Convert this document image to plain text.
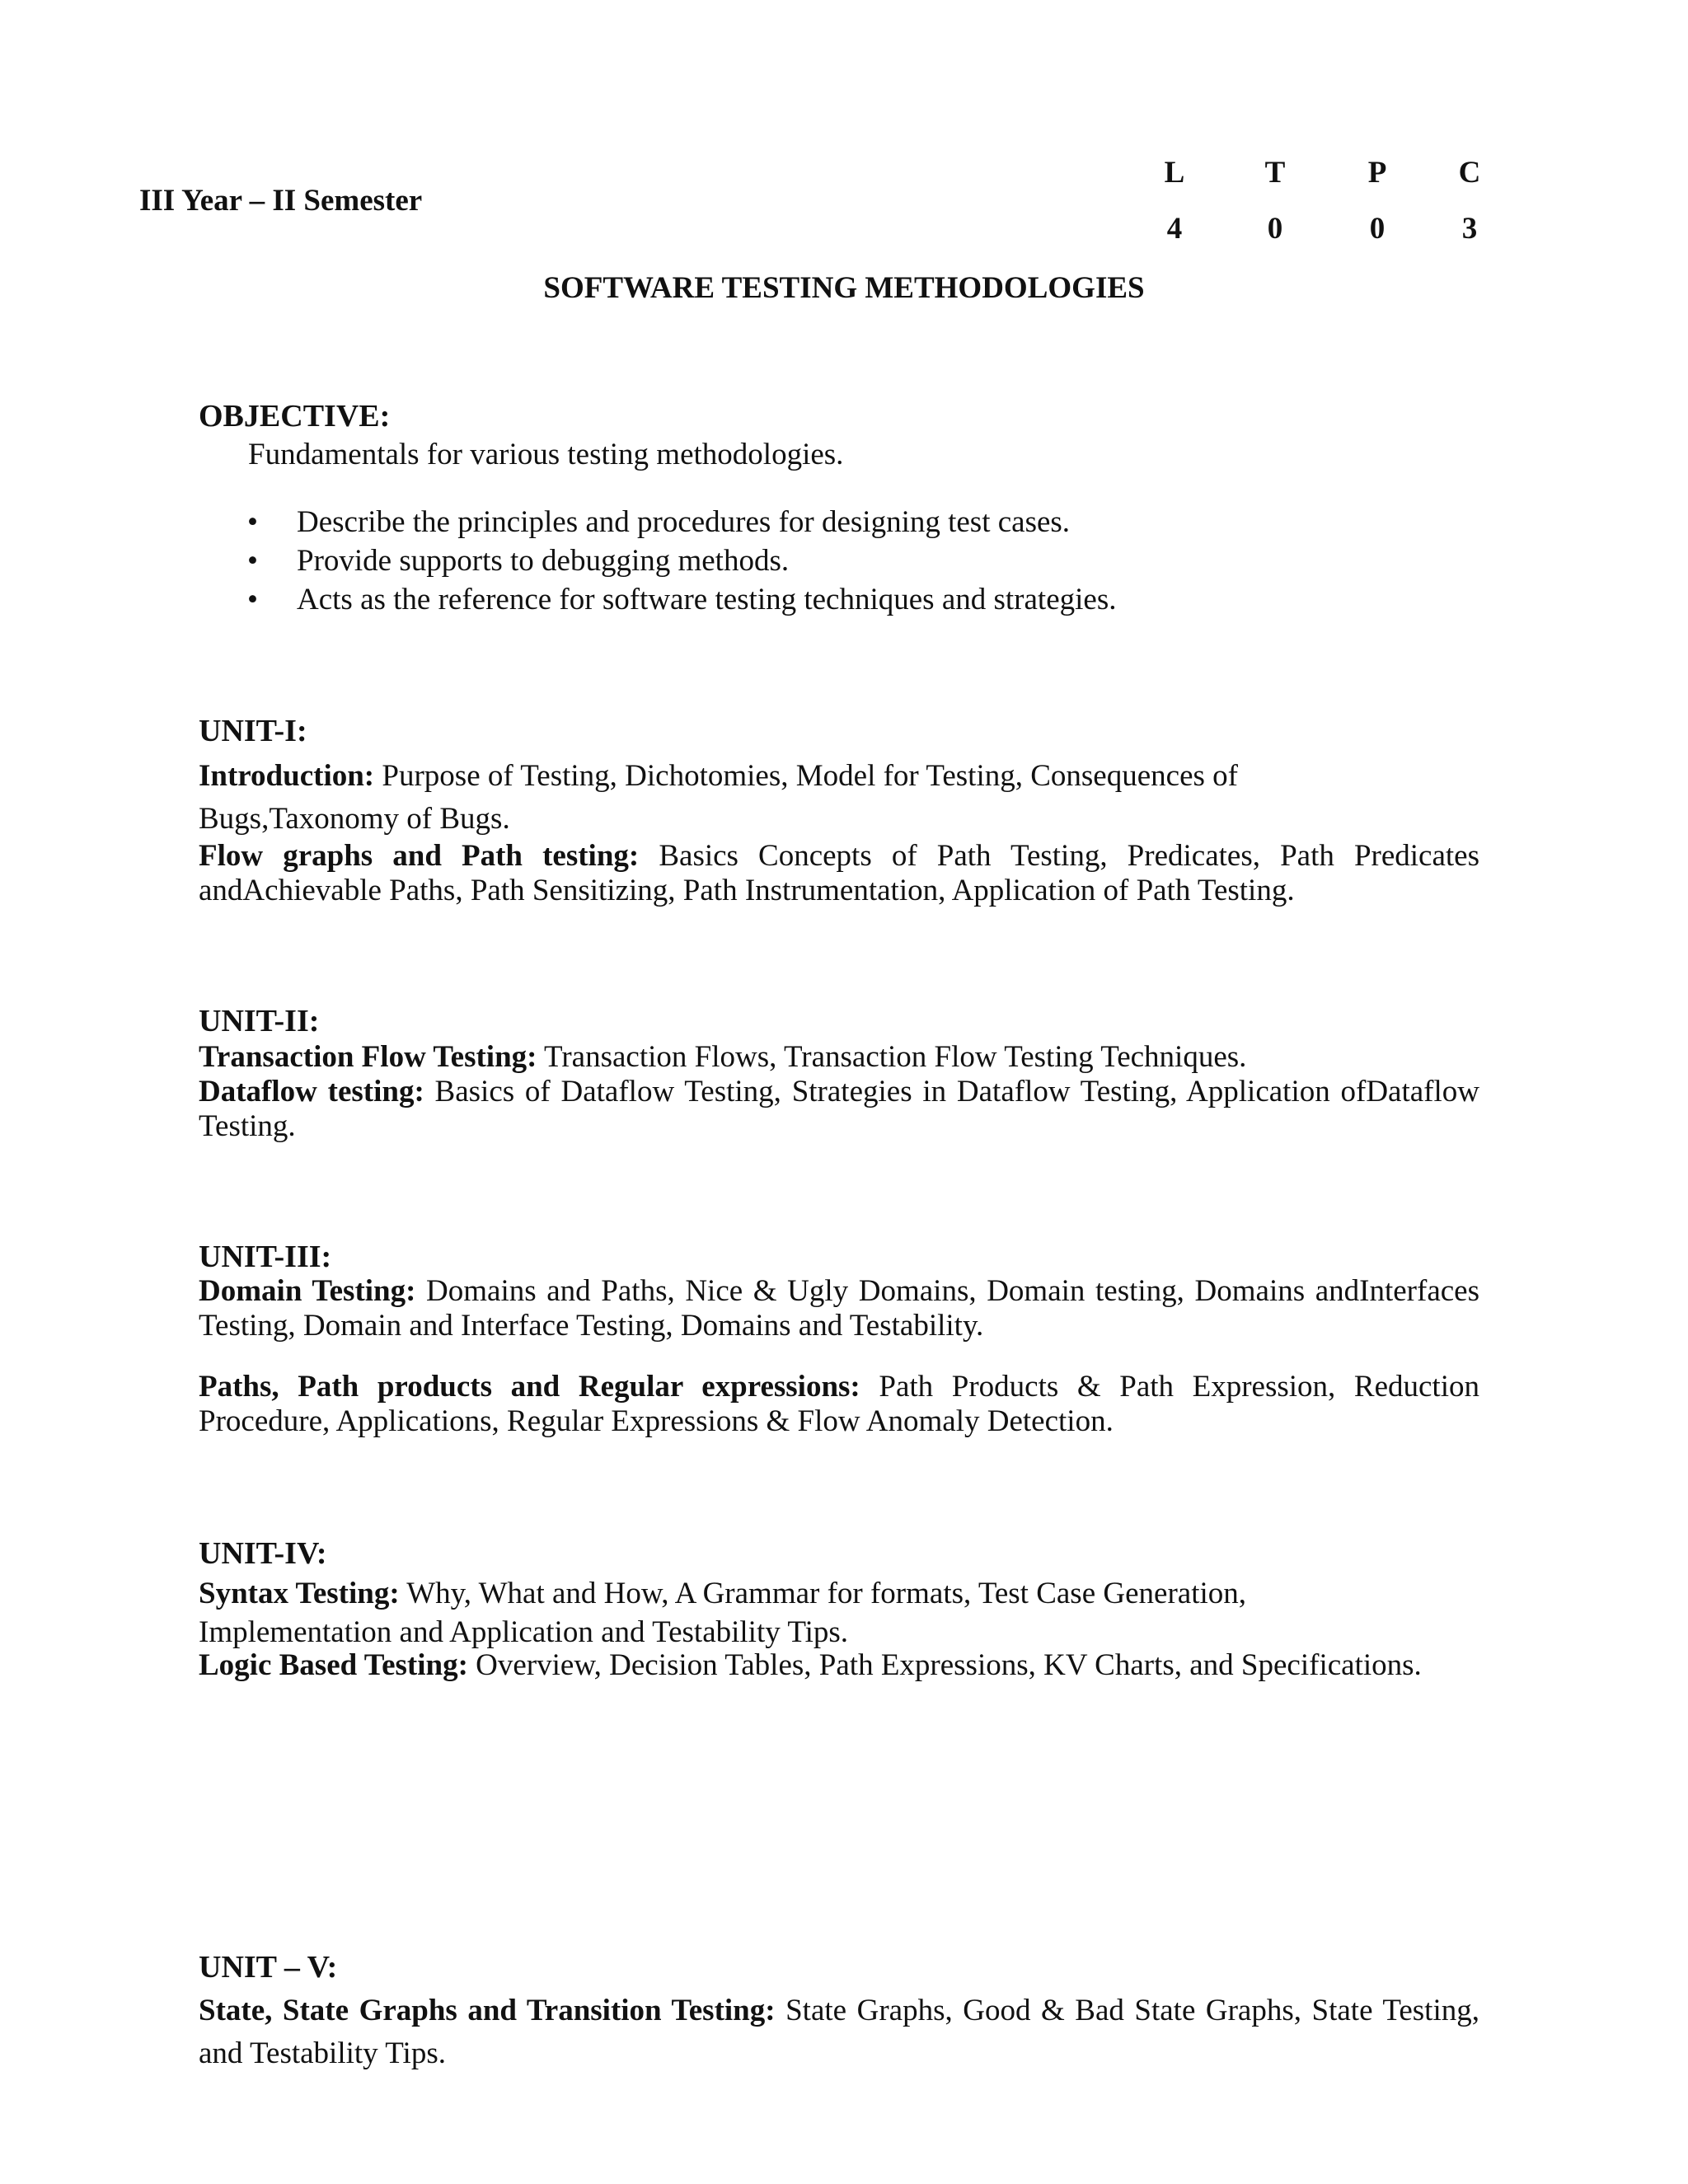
III Year – II Semester
L	T	P	C
4	0	0	3
SOFTWARE TESTING METHODOLOGIES
OBJECTIVE:
Fundamentals for various testing methodologies.
• Describe the principles and procedures for designing test cases.
• Provide supports to debugging methods.
• Acts as the reference for software testing techniques and strategies.
UNIT-I:
Introduction: Purpose of Testing, Dichotomies, Model for Testing, Consequences of
Bugs,Taxonomy of Bugs.
Flow graphs and Path testing: Basics Concepts of Path Testing, Predicates, Path Predicates andAchievable Paths, Path Sensitizing, Path Instrumentation, Application of Path Testing.
UNIT-II:
Transaction Flow Testing: Transaction Flows, Transaction Flow Testing Techniques.
Dataflow testing: Basics of Dataflow Testing, Strategies in Dataflow Testing, Application ofDataflow Testing.
UNIT-III:
Domain Testing: Domains and Paths, Nice & Ugly Domains, Domain testing, Domains andInterfaces Testing, Domain and Interface Testing, Domains and Testability.
Paths, Path products and Regular expressions: Path Products & Path Expression, Reduction Procedure, Applications, Regular Expressions & Flow Anomaly Detection.
UNIT-IV:
Syntax Testing: Why, What and How, A Grammar for formats, Test Case Generation,
Implementation and Application and Testability Tips.
Logic Based Testing: Overview, Decision Tables, Path Expressions, KV Charts, and Specifications.
UNIT – V:
State, State Graphs and Transition Testing: State Graphs, Good & Bad State Graphs, State Testing, and Testability Tips.
